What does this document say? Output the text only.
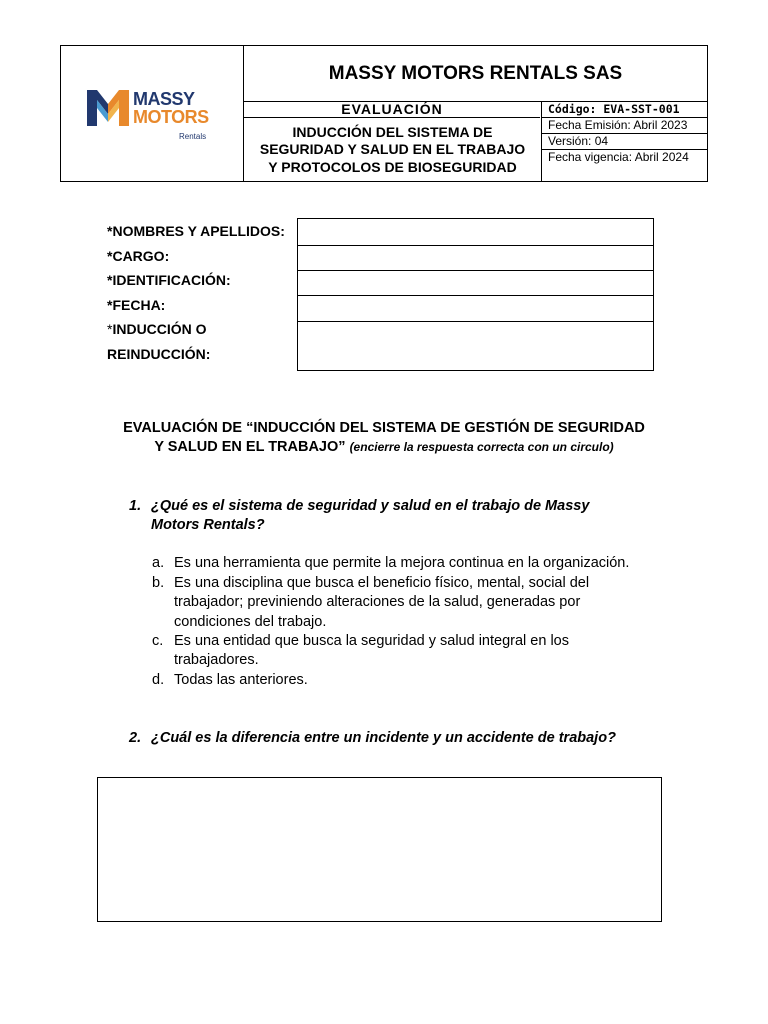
MASSY
MOTORS
Rentals
MASSY MOTORS RENTALS SAS
EVALUACIÓN
INDUCCIÓN DEL SISTEMA DE
SEGURIDAD Y SALUD EN EL TRABAJO
Y PROTOCOLOS DE BIOSEGURIDAD
Código: EVA-SST-001
Fecha Emisión: Abril 2023
Versión: 04
Fecha vigencia: Abril 2024
*NOMBRES Y APELLIDOS:
*CARGO:
*IDENTIFICACIÓN:
*FECHA:
*INDUCCIÓN O
REINDUCCIÓN:
EVALUACIÓN DE “INDUCCIÓN DEL SISTEMA DE GESTIÓN DE SEGURIDAD
Y SALUD EN EL TRABAJO” (encierre la respuesta correcta con un circulo)
1. ¿Qué es el sistema de seguridad y salud en el trabajo de Massy
Motors Rentals?
a. Es una herramienta que permite la mejora continua en la organización.
b. Es una disciplina que busca el beneficio físico, mental, social del
trabajador; previniendo alteraciones de la salud, generadas por
condiciones del trabajo.
c. Es una entidad que busca la seguridad y salud integral en los
trabajadores.
d. Todas las anteriores.
2. ¿Cuál es la diferencia entre un incidente y un accidente de trabajo?
